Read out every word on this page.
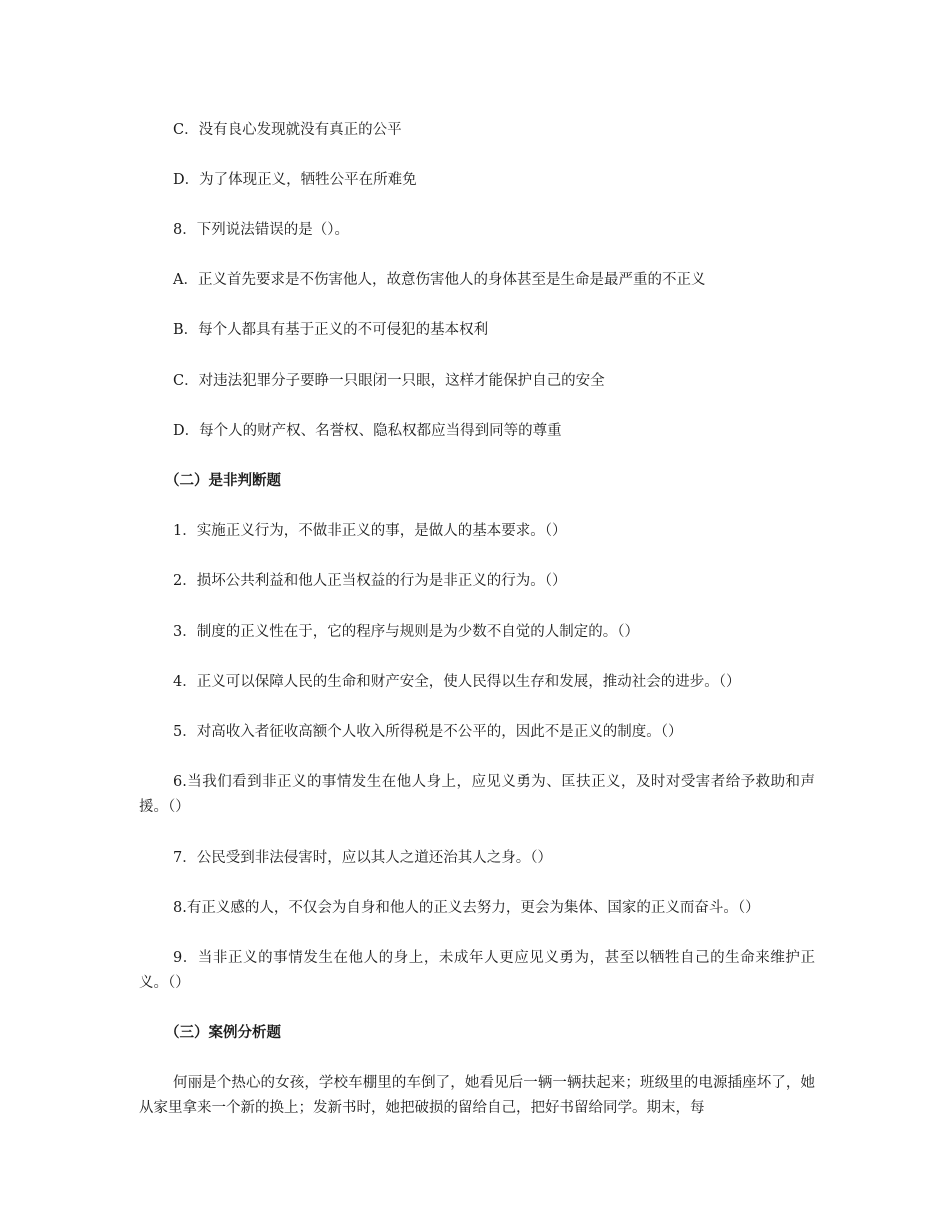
C．没有良心发现就没有真正的公平
D．为了体现正义，牺牲公平在所难免
8．下列说法错误的是（）。
A．正义首先要求是不伤害他人，故意伤害他人的身体甚至是生命是最严重的不正义
B．每个人都具有基于正义的不可侵犯的基本权利
C．对违法犯罪分子要睁一只眼闭一只眼，这样才能保护自己的安全
D．每个人的财产权、名誉权、隐私权都应当得到同等的尊重
（二）是非判断题
1．实施正义行为，不做非正义的事，是做人的基本要求。（）
2．损坏公共利益和他人正当权益的行为是非正义的行为。（）
3．制度的正义性在于，它的程序与规则是为少数不自觉的人制定的。（）
4．正义可以保障人民的生命和财产安全，使人民得以生存和发展，推动社会的进步。（）
5．对高收入者征收高额个人收入所得税是不公平的，因此不是正义的制度。（）
6.当我们看到非正义的事情发生在他人身上，应见义勇为、匡扶正义，及时对受害者给予救助和声援。（）
7．公民受到非法侵害时，应以其人之道还治其人之身。（）
8.有正义感的人，不仅会为自身和他人的正义去努力，更会为集体、国家的正义而奋斗。（）
9．当非正义的事情发生在他人的身上，未成年人更应见义勇为，甚至以牺牲自己的生命来维护正义。（）
（三）案例分析题
何丽是个热心的女孩，学校车棚里的车倒了，她看见后一辆一辆扶起来；班级里的电源插座坏了，她从家里拿来一个新的换上；发新书时，她把破损的留给自己，把好书留给同学。期末，每
